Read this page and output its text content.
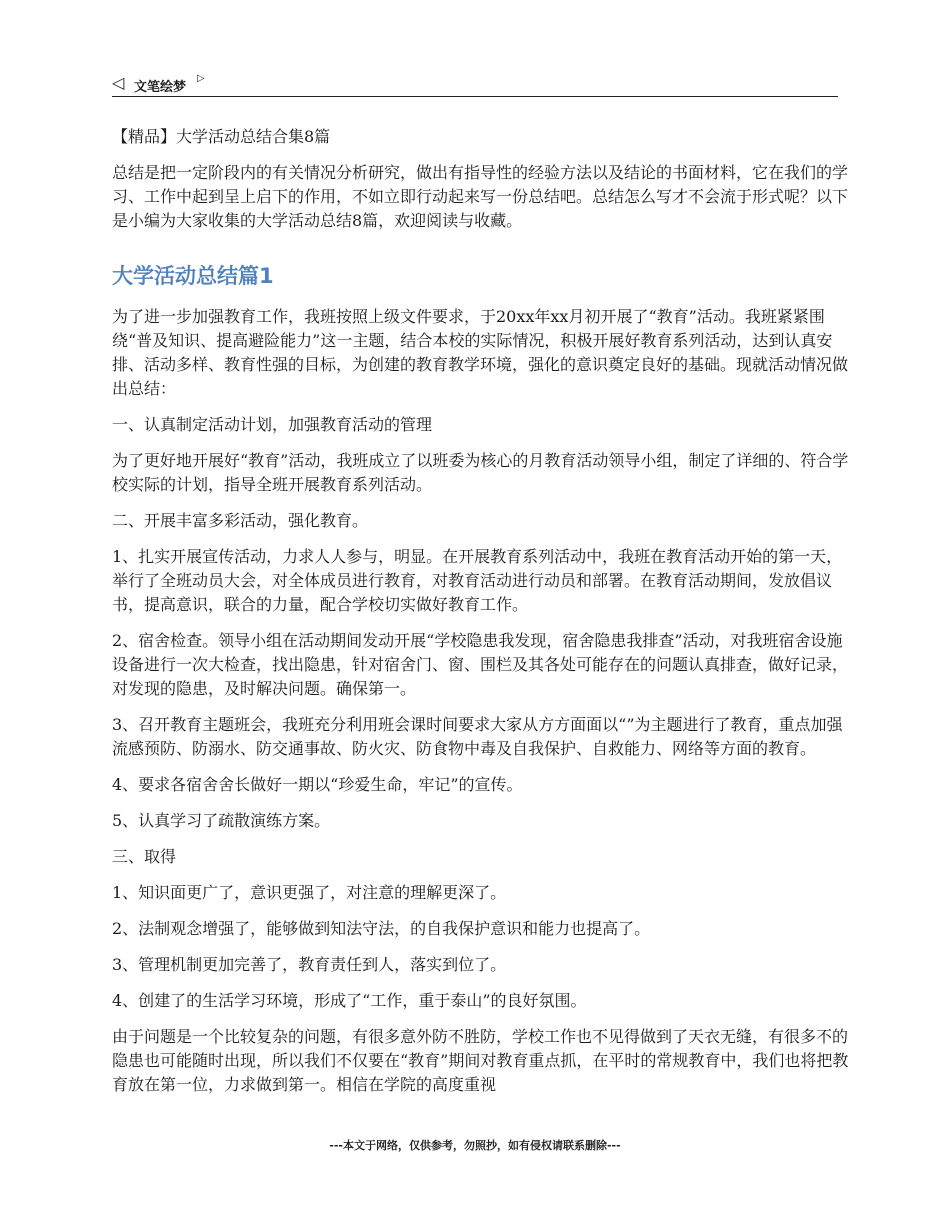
◁ 文笔绘梦
▷
【精品】大学活动总结合集8篇

总结是把一定阶段内的有关情况分析研究，做出有指导性的经验方法以及结论的书面材料，它在我们的学习、工作中起到呈上启下的作用，不如立即行动起来写一份总结吧。总结怎么写才不会流于形式呢？以下是小编为大家收集的大学活动总结8篇，欢迎阅读与收藏。

大学活动总结篇1

为了进一步加强教育工作，我班按照上级文件要求，于20xx年xx月初开展了“教育”活动。我班紧紧围绕“普及知识、提高避险能力”这一主题，结合本校的实际情况，积极开展好教育系列活动，达到认真安排、活动多样、教育性强的目标，为创建的教育教学环境，强化的意识奠定良好的基础。现就活动情况做出总结：

一、认真制定活动计划，加强教育活动的管理

为了更好地开展好“教育”活动，我班成立了以班委为核心的月教育活动领导小组，制定了详细的、符合学校实际的计划，指导全班开展教育系列活动。

二、开展丰富多彩活动，强化教育。

1、扎实开展宣传活动，力求人人参与，明显。在开展教育系列活动中，我班在教育活动开始的第一天，举行了全班动员大会，对全体成员进行教育，对教育活动进行动员和部署。在教育活动期间，发放倡议书，提高意识，联合的力量，配合学校切实做好教育工作。

2、宿舍检查。领导小组在活动期间发动开展“学校隐患我发现，宿舍隐患我排查”活动，对我班宿舍设施设备进行一次大检查，找出隐患，针对宿舍门、窗、围栏及其各处可能存在的问题认真排查，做好记录，对发现的隐患，及时解决问题。确保第一。

3、召开教育主题班会，我班充分利用班会课时间要求大家从方方面面以“”为主题进行了教育，重点加强流感预防、防溺水、防交通事故、防火灾、防食物中毒及自我保护、自救能力、网络等方面的教育。

4、要求各宿舍舍长做好一期以“珍爱生命，牢记”的宣传。

5、认真学习了疏散演练方案。

三、取得

1、知识面更广了，意识更强了，对注意的理解更深了。

2、法制观念增强了，能够做到知法守法，的自我保护意识和能力也提高了。

3、管理机制更加完善了，教育责任到人，落实到位了。

4、创建了的生活学习环境，形成了“工作，重于泰山”的良好氛围。

由于问题是一个比较复杂的问题，有很多意外防不胜防，学校工作也不见得做到了天衣无缝，有很多不的隐患也可能随时出现，所以我们不仅要在“教育”期间对教育重点抓，在平时的常规教育中，我们也将把教育放在第一位，力求做到第一。相信在学院的高度重视

---本文于网络，仅供参考，勿照抄，如有侵权请联系删除---
